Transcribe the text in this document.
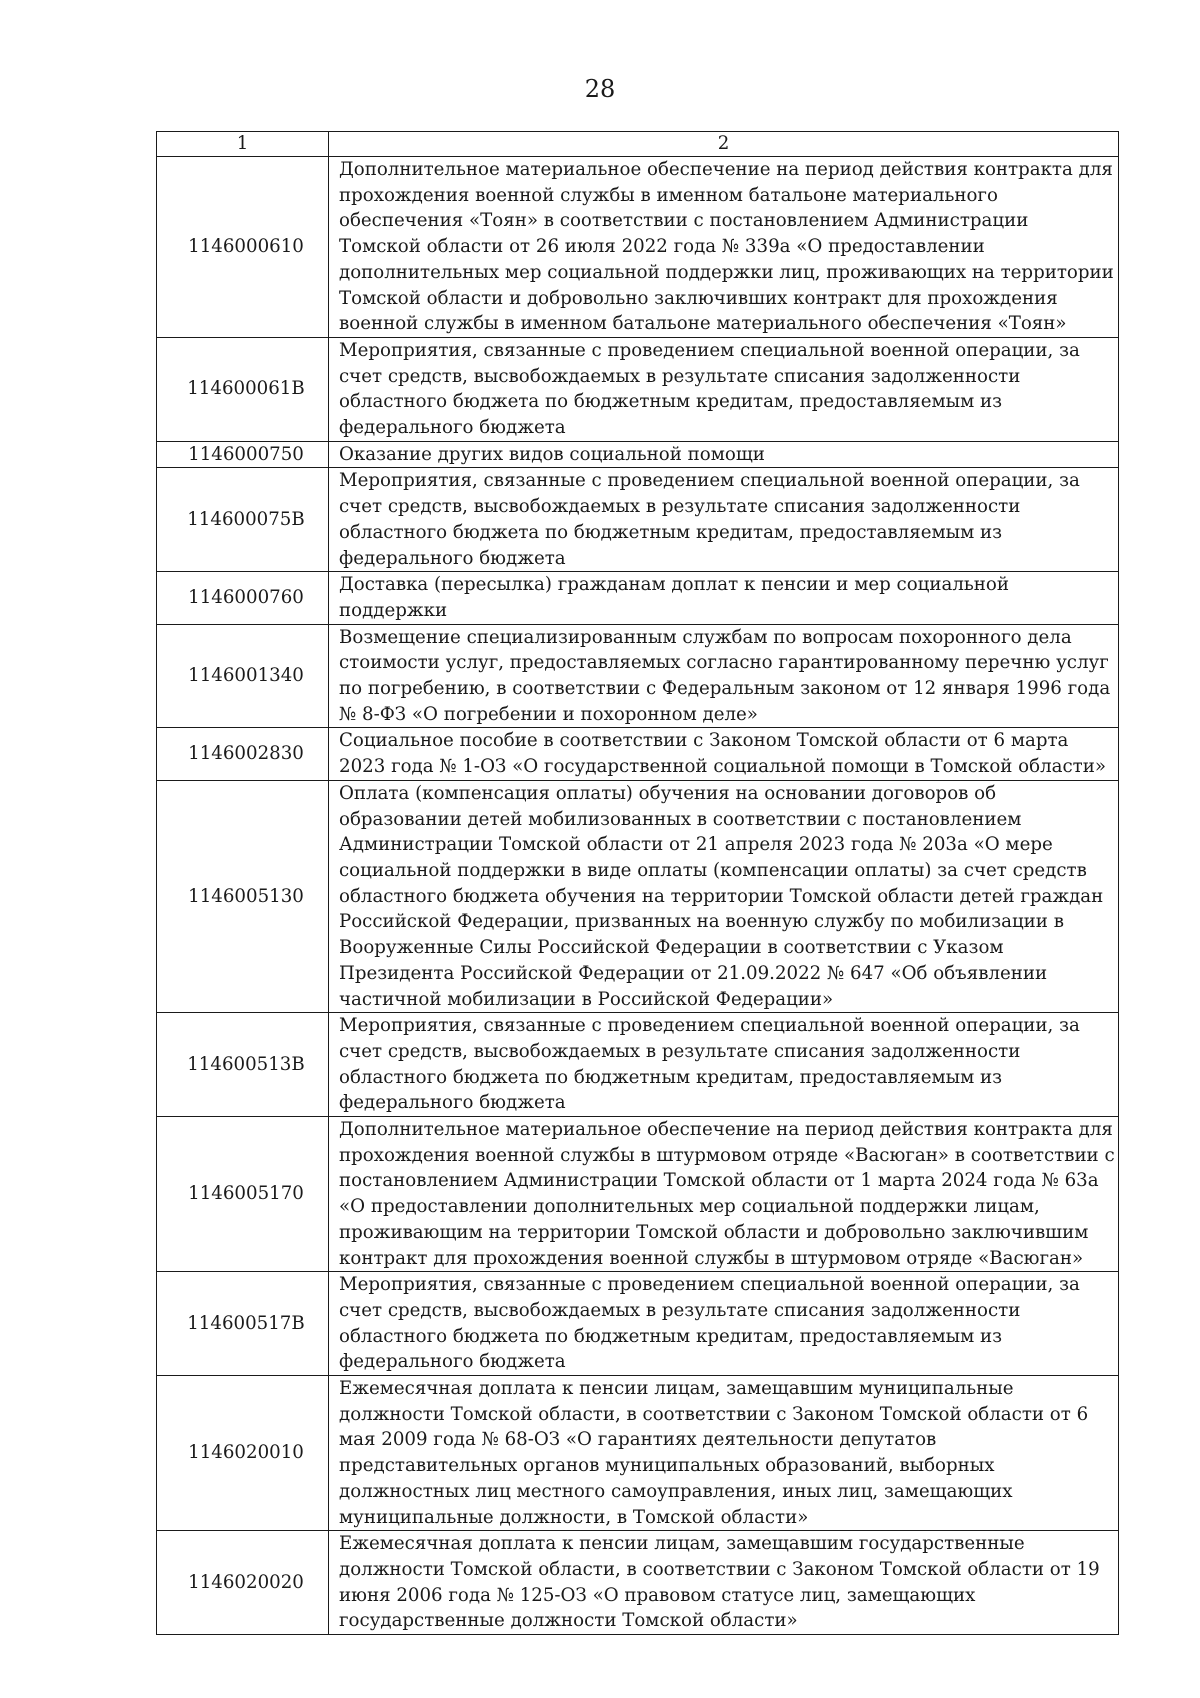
28
1	2
1146000610	Дополнительное материальное обеспечение на период действия контракта для прохождения военной службы в именном батальоне материального обеспечения «Тоян» в соответствии с постановлением Администрации Томской области от 26 июля 2022 года № 339а «О предоставлении дополнительных мер социальной поддержки лиц, проживающих на территории Томской области и добровольно заключивших контракт для прохождения военной службы в именном батальоне материального обеспечения «Тоян»
114600061В	Мероприятия, связанные с проведением специальной военной операции, за счет средств, высвобождаемых в результате списания задолженности областного бюджета по бюджетным кредитам, предоставляемым из федерального бюджета
1146000750	Оказание других видов социальной помощи
114600075В	Мероприятия, связанные с проведением специальной военной операции, за счет средств, высвобождаемых в результате списания задолженности областного бюджета по бюджетным кредитам, предоставляемым из федерального бюджета
1146000760	Доставка (пересылка) гражданам доплат к пенсии и мер социальной поддержки
1146001340	Возмещение специализированным службам по вопросам похоронного дела стоимости услуг, предоставляемых согласно гарантированному перечню услуг по погребению, в соответствии с Федеральным законом от 12 января 1996 года № 8-ФЗ «О погребении и похоронном деле»
1146002830	Социальное пособие в соответствии с Законом Томской области от 6 марта 2023 года № 1-ОЗ «О государственной социальной помощи в Томской области»
1146005130	Оплата (компенсация оплаты) обучения на основании договоров об образовании детей мобилизованных в соответствии с постановлением Администрации Томской области от 21 апреля 2023 года № 203а «О мере социальной поддержки в виде оплаты (компенсации оплаты) за счет средств областного бюджета обучения на территории Томской области детей граждан Российской Федерации, призванных на военную службу по мобилизации в Вооруженные Силы Российской Федерации в соответствии с Указом Президента Российской Федерации от 21.09.2022 № 647 «Об объявлении частичной мобилизации в Российской Федерации»
114600513В	Мероприятия, связанные с проведением специальной военной операции, за счет средств, высвобождаемых в результате списания задолженности областного бюджета по бюджетным кредитам, предоставляемым из федерального бюджета
1146005170	Дополнительное материальное обеспечение на период действия контракта для прохождения военной службы в штурмовом отряде «Васюган» в соответствии с постановлением Администрации Томской области от 1 марта 2024 года № 63а «О предоставлении дополнительных мер социальной поддержки лицам, проживающим на территории Томской области и добровольно заключившим контракт для прохождения военной службы в штурмовом отряде «Васюган»
114600517В	Мероприятия, связанные с проведением специальной военной операции, за счет средств, высвобождаемых в результате списания задолженности областного бюджета по бюджетным кредитам, предоставляемым из федерального бюджета
1146020010	Ежемесячная доплата к пенсии лицам, замещавшим муниципальные должности Томской области, в соответствии с Законом Томской области от 6 мая 2009 года № 68-ОЗ «О гарантиях деятельности депутатов представительных органов муниципальных образований, выборных должностных лиц местного самоуправления, иных лиц, замещающих муниципальные должности, в Томской области»
1146020020	Ежемесячная доплата к пенсии лицам, замещавшим государственные должности Томской области, в соответствии с Законом Томской области от 19 июня 2006 года № 125-ОЗ «О правовом статусе лиц, замещающих государственные должности Томской области»
